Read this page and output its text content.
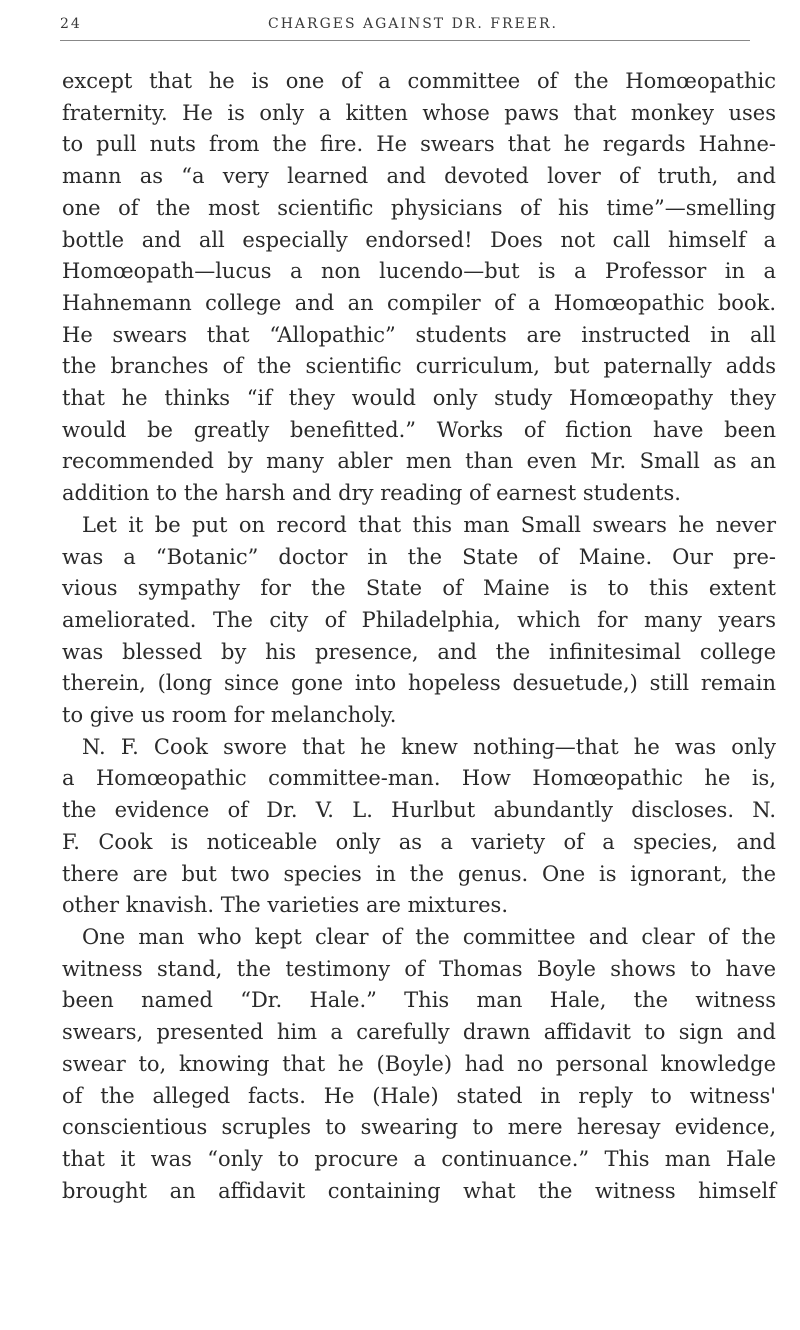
24	CHARGES AGAINST DR. FREER.
except that he is one of a committee of the Homœopathic
fraternity. He is only a kitten whose paws that monkey uses
to pull nuts from the fire. He swears that he regards Hahne-
mann as “a very learned and devoted lover of truth, and
one of the most scientific physicians of his time”—smelling
bottle and all especially endorsed! Does not call himself a
Homœopath—lucus a non lucendo—but is a Professor in a
Hahnemann college and an compiler of a Homœopathic book.
He swears that “Allopathic” students are instructed in all
the branches of the scientific curriculum, but paternally adds
that he thinks “if they would only study Homœopathy they
would be greatly benefitted.” Works of fiction have been
recommended by many abler men than even Mr. Small as an
addition to the harsh and dry reading of earnest students.
Let it be put on record that this man Small swears he never
was a “Botanic” doctor in the State of Maine. Our pre-
vious sympathy for the State of Maine is to this extent
ameliorated. The city of Philadelphia, which for many years
was blessed by his presence, and the infinitesimal college
therein, (long since gone into hopeless desuetude,) still remain
to give us room for melancholy.
N. F. Cook swore that he knew nothing—that he was only
a Homœopathic committee-man. How Homœopathic he is,
the evidence of Dr. V. L. Hurlbut abundantly discloses. N.
F. Cook is noticeable only as a variety of a species, and
there are but two species in the genus. One is ignorant, the
other knavish. The varieties are mixtures.
One man who kept clear of the committee and clear of the
witness stand, the testimony of Thomas Boyle shows to have
been named “Dr. Hale.” This man Hale, the witness
swears, presented him a carefully drawn affidavit to sign and
swear to, knowing that he (Boyle) had no personal knowledge
of the alleged facts. He (Hale) stated in reply to witness'
conscientious scruples to swearing to mere heresay evidence,
that it was “only to procure a continuance.” This man Hale
brought an affidavit containing what the witness himself
